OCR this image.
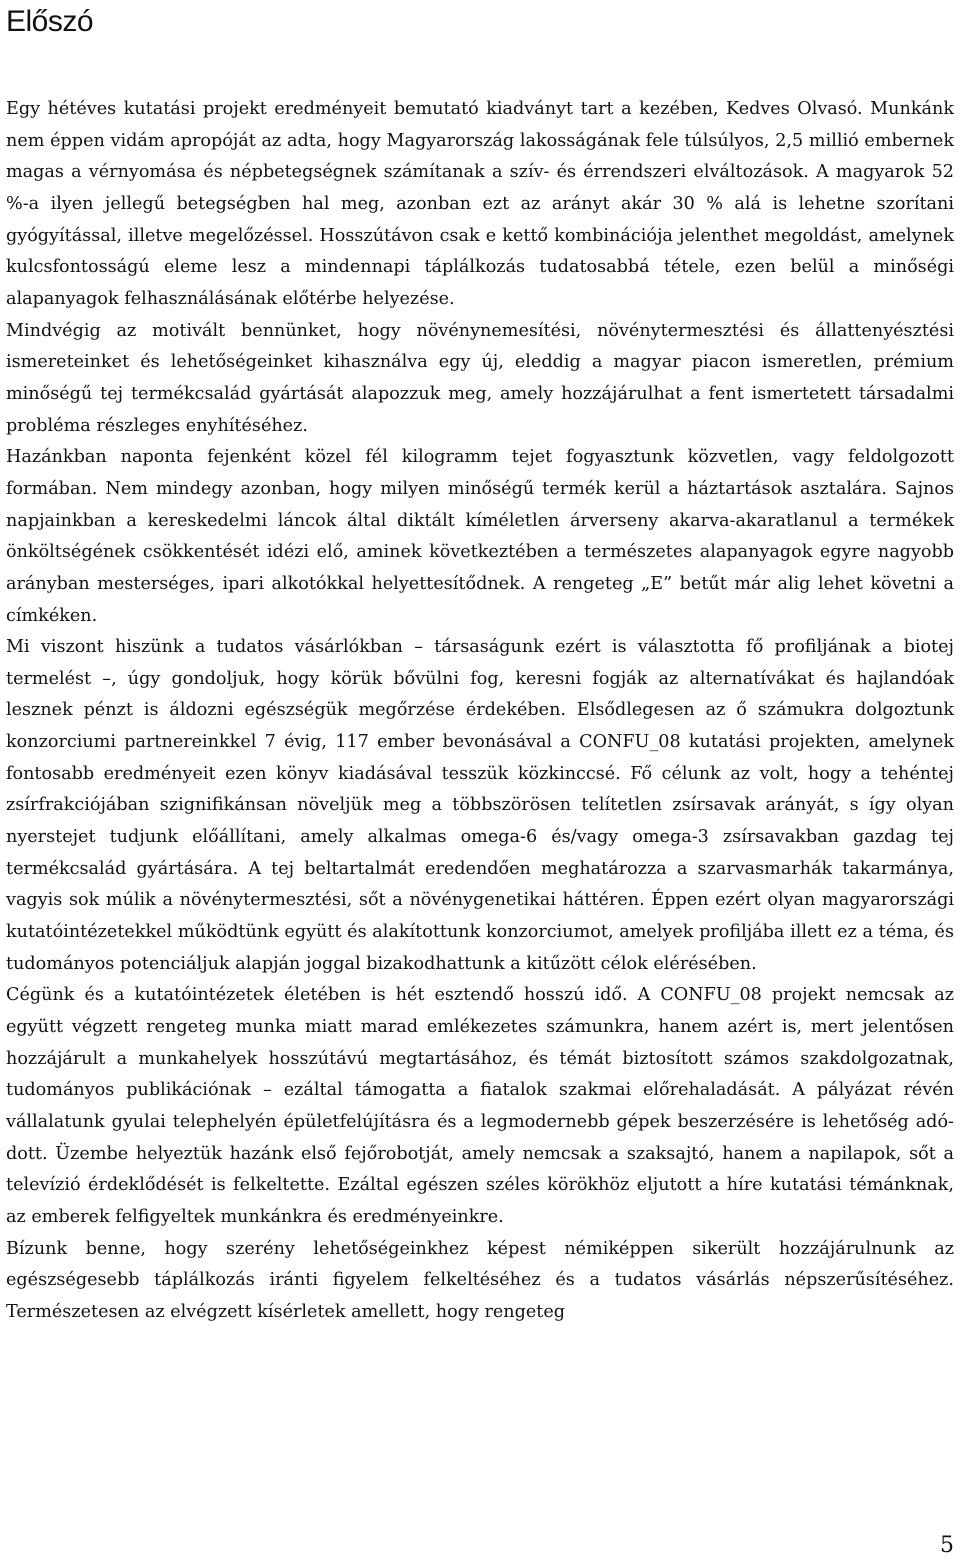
Előszó

Egy hétéves kutatási projekt eredményeit bemutató kiadványt tart a kezében, Kedves Olvasó. Munkánk nem éppen vidám apropóját az adta, hogy Magyarország lakosságának fele túlsúlyos, 2,5 millió embernek magas a vérnyomása és népbetegségnek számítanak a szív- és érrendszeri elváltozások. A magyarok 52 %-a ilyen jellegű betegségben hal meg, azonban ezt az arányt akár 30 % alá is lehetne szorítani gyógyítással, illetve megelőzéssel. Hosszútávon csak e kettő kombinációja jelenthet megoldást, amelynek kulcsfontosságú eleme lesz a mindennapi táplálkozás tudatosabbá tétele, ezen belül a minőségi alapanyagok felhasználásának előtérbe helyezése.

Mindvégig az motivált bennünket, hogy növénynemesítési, növénytermesztési és állattenyésztési ismereteinket és lehetőségeinket kihasználva egy új, eleddig a magyar piacon ismeretlen, prémium minőségű tej termékcsalád gyártását alapozzuk meg, amely hozzájárulhat a fent ismertetett társadalmi probléma részleges enyhítéséhez.

Hazánkban naponta fejenként közel fél kilogramm tejet fogyasztunk közvetlen, vagy feldolgozott formában. Nem mindegy azonban, hogy milyen minőségű termék kerül a háztartások asztalára. Sajnos napjainkban a kereskedelmi láncok által diktált kíméletlen árverseny akarva-akaratlanul a termékek önköltségének csökkentését idézi elő, aminek következtében a természetes alapanyagok egyre nagyobb arányban mesterséges, ipari alkotókkal helyettesítődnek. A rengeteg „E” betűt már alig lehet követni a címkéken.

Mi viszont hiszünk a tudatos vásárlókban – társaságunk ezért is választotta fő profiljának a biotej termelést –, úgy gondoljuk, hogy körük bővülni fog, keresni fogják az alternatívákat és hajlandóak lesznek pénzt is áldozni egészségük megőrzése érdekében. Elsődlegesen az ő számukra dolgoztunk konzorciumi partnereinkkel 7 évig, 117 ember bevonásával a CONFU_08 kutatási projekten, amelynek fontosabb eredményeit ezen könyv kiadásával tesszük közkinccsé. Fő célunk az volt, hogy a tehéntej zsírfrakciójában szignifikánsan növeljük meg a többszörösen telítetlen zsírsavak arányát, s így olyan nyerstejet tudjunk előállítani, amely alkalmas omega-6 és/vagy omega-3 zsírsavakban gazdag tej termékcsalád gyártására. A tej beltartalmát eredendően meghatározza a szarvasmarhák takarmánya, vagyis sok múlik a növénytermesztési, sőt a növénygenetikai háttéren. Éppen ezért olyan magyarországi kutatóintézetekkel működtünk együtt és alakítottunk konzorciumot, amelyek profiljába illett ez a téma, és tudományos potenciáljuk alapján joggal bizakodhattunk a kitűzött célok elérésében.

Cégünk és a kutatóintézetek életében is hét esztendő hosszú idő. A CONFU_08 projekt nemcsak az együtt végzett rengeteg munka miatt marad emlékezetes számunkra, hanem azért is, mert jelentősen hozzájárult a munkahelyek hosszútávú megtartásához, és témát biztosított számos szakdolgozatnak, tudományos publikációnak – ezáltal támogatta a fiatalok szakmai előrehaladását. A pályázat révén vállalatunk gyulai telephelyén épületfelújításra és a legmodernebb gépek beszerzésére is lehetőség adódott. Üzembe helyeztük hazánk első fejőrobotját, amely nemcsak a szaksajtó, hanem a napilapok, sőt a televízió érdeklődését is felkeltette. Ezáltal egészen széles körökhöz eljutott a híre kutatási témánknak, az emberek felfigyeltek munkánkra és eredményeinkre.

Bízunk benne, hogy szerény lehetőségeinkhez képest némiképpen sikerült hozzájárulnunk az egészségesebb táplálkozás iránti figyelem felkeltéséhez és a tudatos vásárlás népszerűsítéséhez. Természetesen az elvégzett kísérletek amellett, hogy rengeteg

5
